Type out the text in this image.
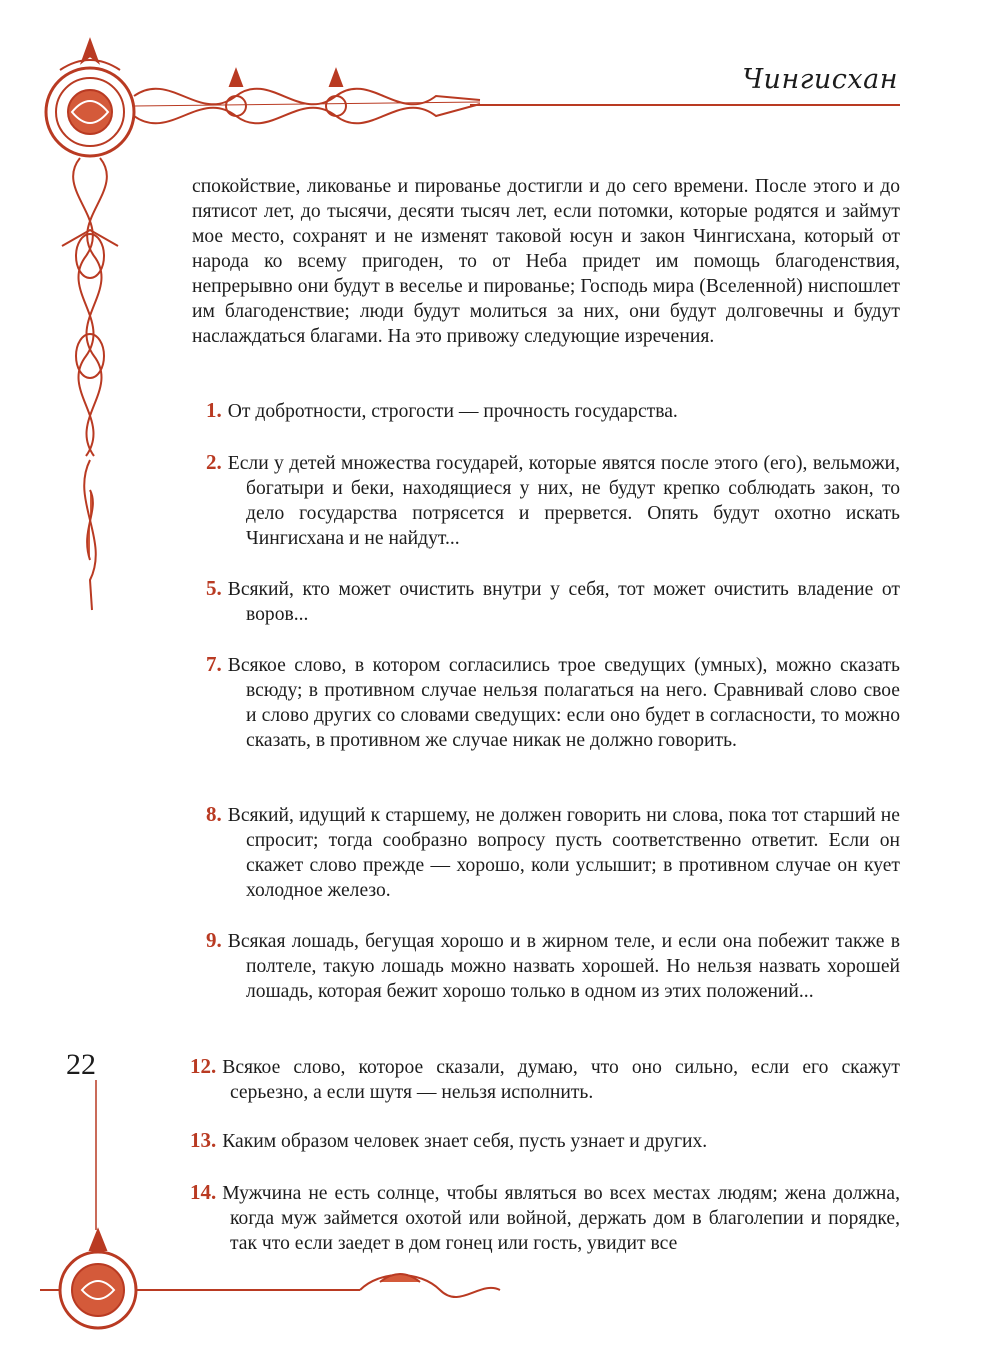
Чингисхан
22
спокойствие, ликованье и пированье достигли и до сего времени. После этого и до пятисот лет, до тысячи, десяти тысяч лет, если потомки, которые родятся и займут мое место, сохранят и не изменят таковой юсун и закон Чингисхана, который от народа ко всему пригоден, то от Неба придет им помощь благоденствия, непрерывно они будут в веселье и пированье; Господь мира (Вселенной) ниспошлет им благоденствие; люди будут молиться за них, они будут долговечны и будут наслаждаться благами. На это привожу следующие изречения.
1. От добротности, строгости — прочность государства.
2. Если у детей множества государей, которые явятся после этого (его), вельможи, богатыри и беки, находящиеся у них, не будут крепко соблюдать закон, то дело государства потрясется и прервется. Опять будут охотно искать Чингисхана и не найдут...
5. Всякий, кто может очистить внутри у себя, тот может очистить владение от воров...
7. Всякое слово, в котором согласились трое сведущих (умных), можно сказать всюду; в противном случае нельзя полагаться на него. Сравнивай слово свое и слово других со словами сведущих: если оно будет в согласности, то можно сказать, в противном же случае никак не должно говорить.
8. Всякий, идущий к старшему, не должен говорить ни слова, пока тот старший не спросит; тогда сообразно вопросу пусть соответственно ответит. Если он скажет слово прежде — хорошо, коли услышит; в противном случае он кует холодное железо.
9. Всякая лошадь, бегущая хорошо и в жирном теле, и если она побежит также в полтеле, такую лошадь можно назвать хорошей. Но нельзя назвать хорошей лошадь, которая бежит хорошо только в одном из этих положений...
12. Всякое слово, которое сказали, думаю, что оно сильно, если его скажут серьезно, а если шутя — нельзя исполнить.
13. Каким образом человек знает себя, пусть узнает и других.
14. Мужчина не есть солнце, чтобы являться во всех местах людям; жена должна, когда муж займется охотой или войной, держать дом в благолепии и порядке, так что если заедет в дом гонец или гость, увидит все
